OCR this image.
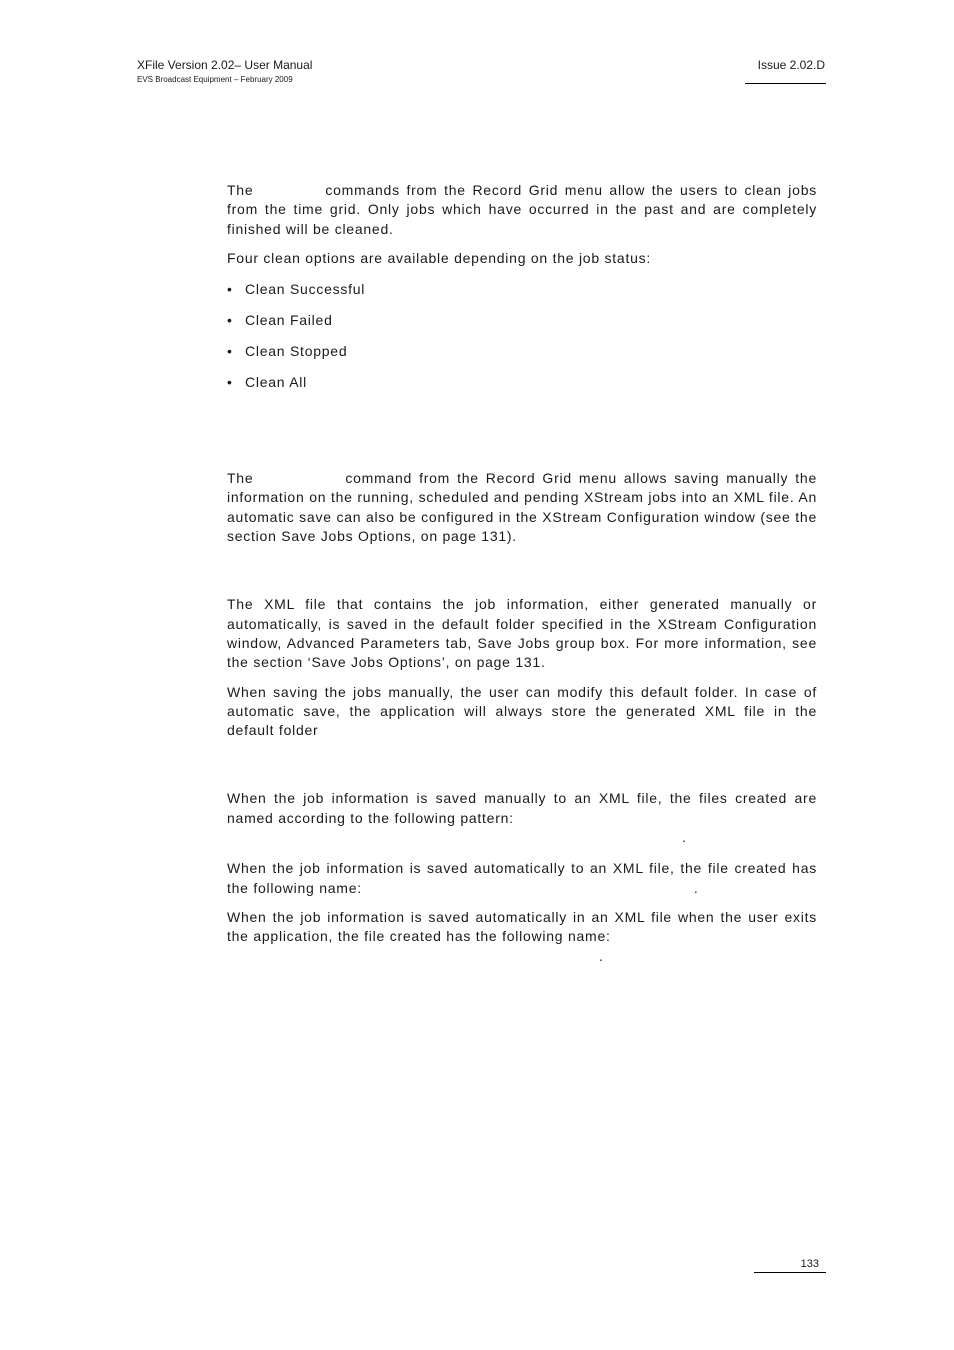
XFile Version 2.02– User Manual
EVS Broadcast Equipment – February 2009
Issue 2.02.D

The	commands from the Record Grid menu allow the users to clean jobs from the time grid. Only jobs which have occurred in the past and are completely finished will be cleaned.

Four clean options are available depending on the job status:

• Clean Successful
• Clean Failed
• Clean Stopped
• Clean All

The	command from the Record Grid menu allows saving manually the information on the running, scheduled and pending XStream jobs into an XML file. An automatic save can also be configured in the XStream Configuration window (see the section Save Jobs Options, on page 131).

The XML file that contains the job information, either generated manually or automatically, is saved in the default folder specified in the XStream Configuration window, Advanced Parameters tab, Save Jobs group box. For more information, see the section ‘Save Jobs Options’, on page 131.

When saving the jobs manually, the user can modify this default folder. In case of automatic save, the application will always store the generated XML file in the default folder

When the job information is saved manually to an XML file, the files created are named according to the following pattern:
.

When the job information is saved automatically to an XML file, the file created has the following name:	.

When the job information is saved automatically in an XML file when the user exits the application, the file created has the following name:
.

133
